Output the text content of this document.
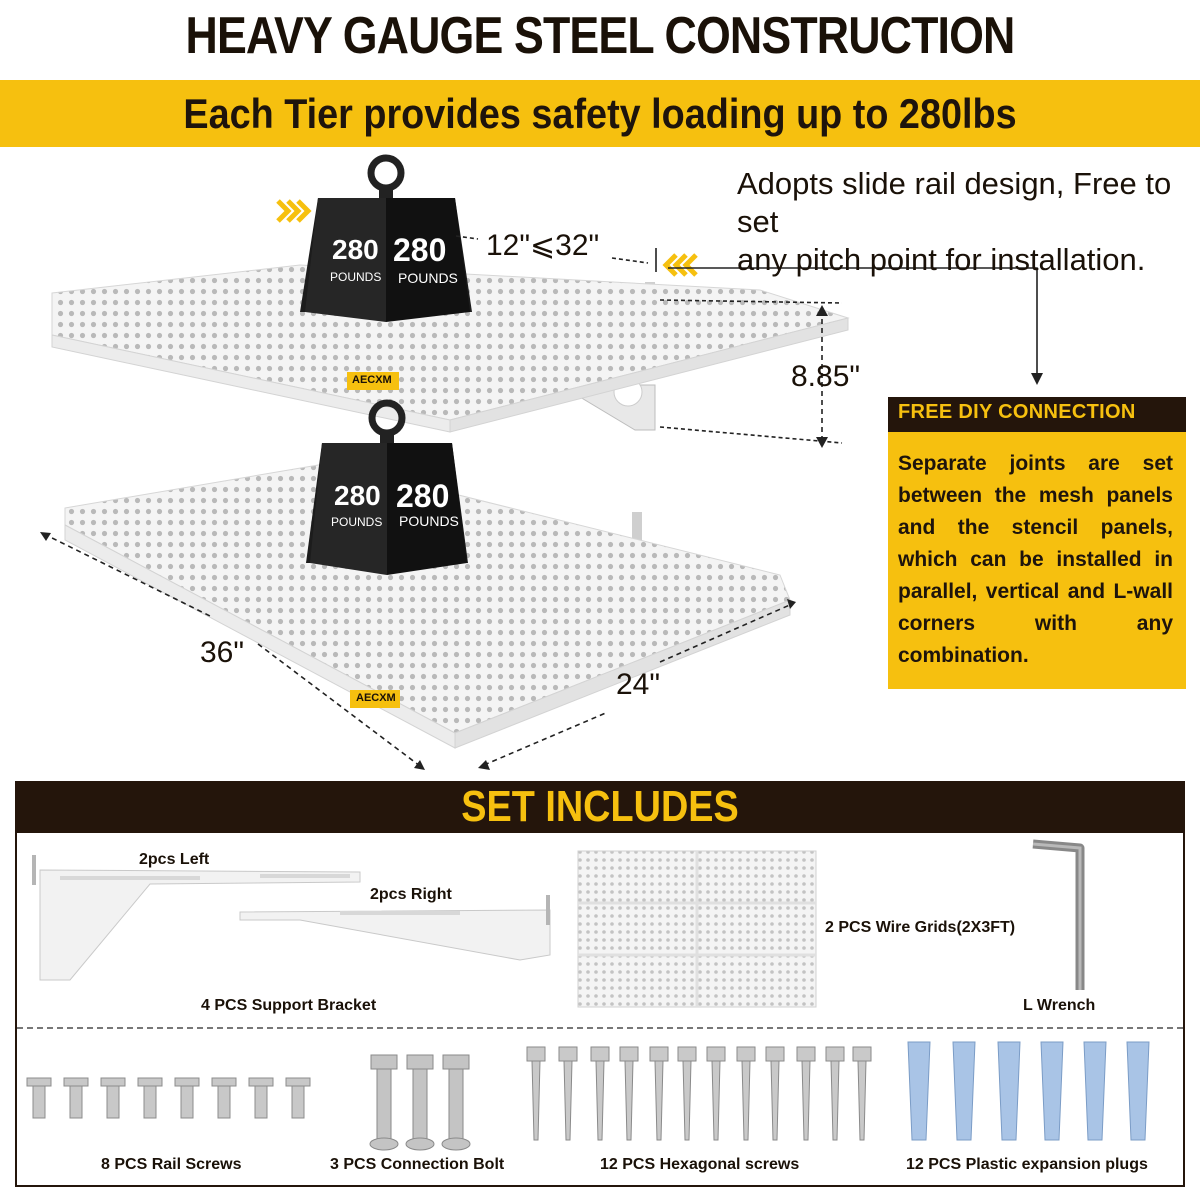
HEAVY GAUGE STEEL CONSTRUCTION
Each Tier provides safety loading up to 280lbs
280
POUNDS
280
POUNDS
280
POUNDS
280
POUNDS
AECXM
AECXM
12"⩽32"
8.85"
36"
24"
Adopts slide rail design, Free to set
any pitch point for installation.
FREE DIY CONNECTION
Separate joints are set between the mesh panels and the stencil panels, which can be installed in parallel, vertical and L-wall corners with any combination.
SET INCLUDES
2pcs Left
2pcs Right
4 PCS Support Bracket
2 PCS Wire Grids(2X3FT)
L Wrench
8 PCS Rail Screws	3 PCS Connection Bolt	12 PCS Hexagonal screws	12 PCS Plastic expansion plugs
